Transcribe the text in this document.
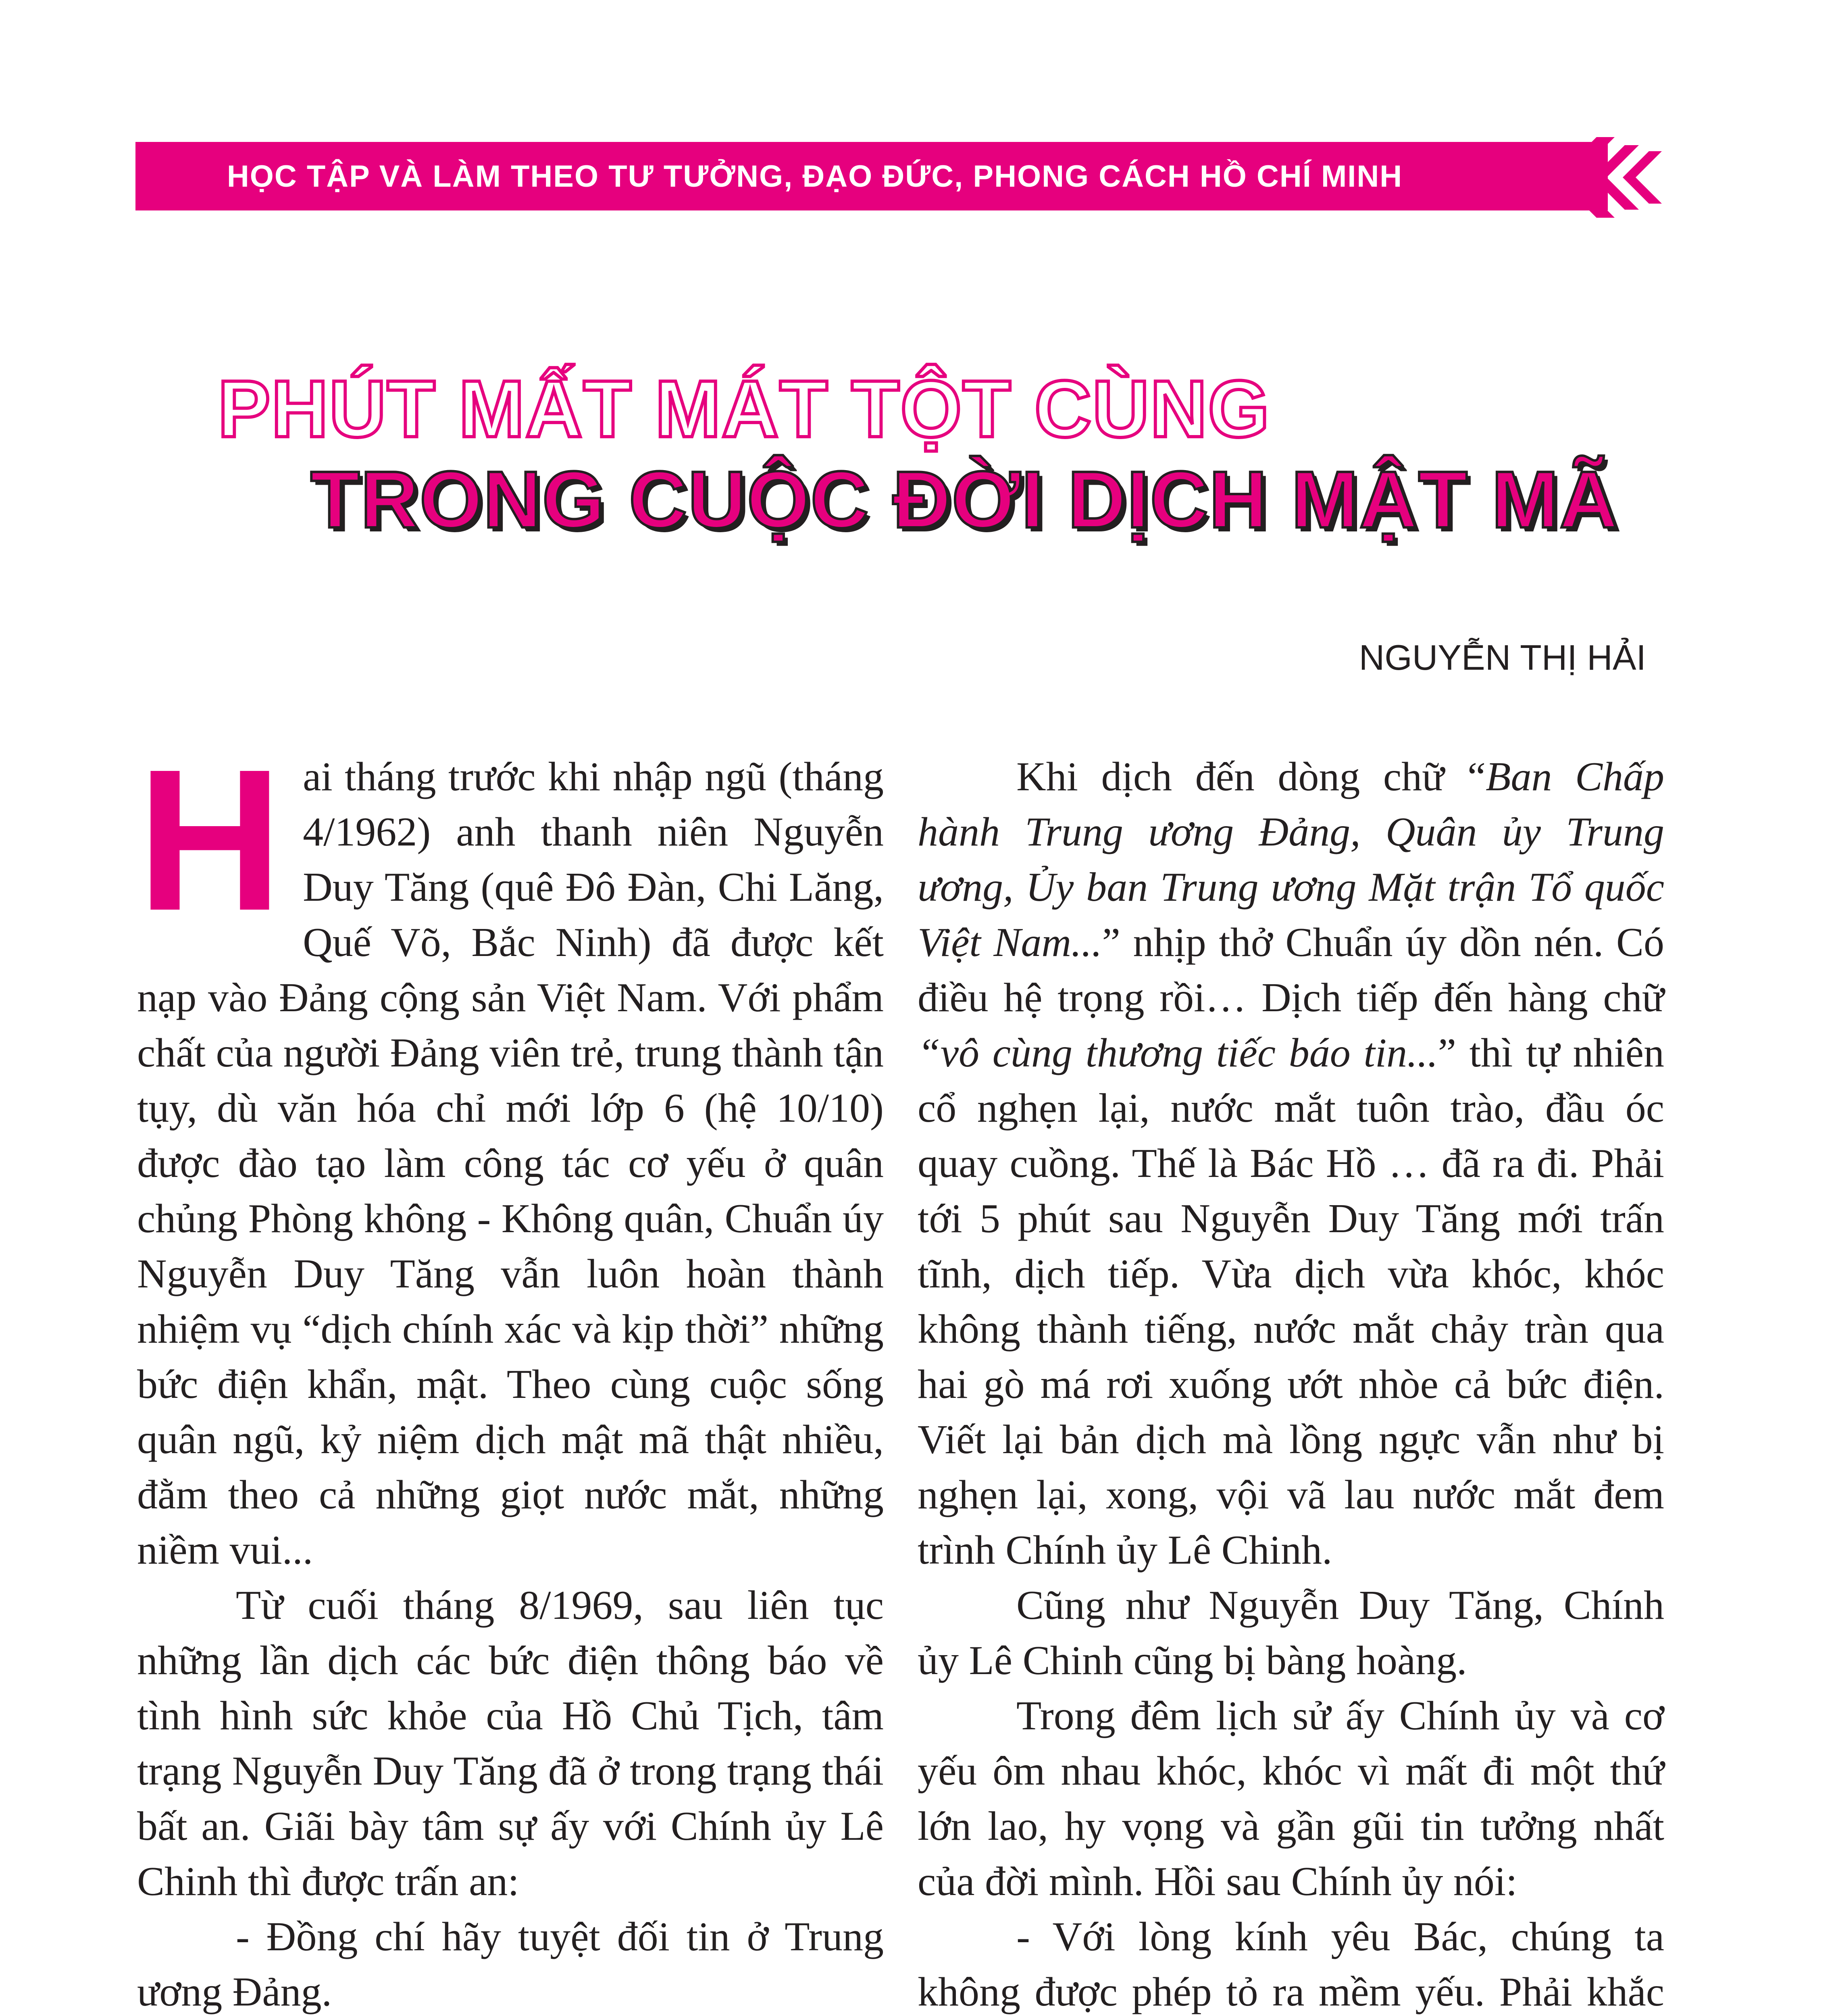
HỌC TẬP VÀ LÀM THEO TƯ TƯỞNG, ĐẠO ĐỨC, PHONG CÁCH HỒ CHÍ MINH
PHÚT MẤT MÁT TỘT CÙNG
TRONG CUỘC ĐỜI DỊCH MẬT MÃ
NGUYỄN THỊ HẢI

Hai tháng trước khi nhập ngũ (tháng 4/1962) anh thanh niên Nguyễn Duy Tăng (quê Đô Đàn, Chi Lăng, Quế Võ, Bắc Ninh) đã được kết nạp vào Đảng cộng sản Việt Nam. Với phẩm chất của người Đảng viên trẻ, trung thành tận tụy, dù văn hóa chỉ mới lớp 6 (hệ 10/10) được đào tạo làm công tác cơ yếu ở quân chủng Phòng không - Không quân, Chuẩn úy Nguyễn Duy Tăng vẫn luôn hoàn thành nhiệm vụ “dịch chính xác và kịp thời” những bức điện khẩn, mật. Theo cùng cuộc sống quân ngũ, kỷ niệm dịch mật mã thật nhiều, đằm theo cả những giọt nước mắt, những niềm vui...

Từ cuối tháng 8/1969, sau liên tục những lần dịch các bức điện thông báo về tình hình sức khỏe của Hồ Chủ Tịch, tâm trạng Nguyễn Duy Tăng đã ở trong trạng thái bất an. Giãi bày tâm sự ấy với Chính ủy Lê Chinh thì được trấn an:

- Đồng chí hãy tuyệt đối tin ở Trung ương Đảng.

Khi dịch đến dòng chữ “Ban Chấp hành Trung ương Đảng, Quân ủy Trung ương, Ủy ban Trung ương Mặt trận Tổ quốc Việt Nam...” nhịp thở Chuẩn úy dồn nén. Có điều hệ trọng rồi… Dịch tiếp đến hàng chữ “vô cùng thương tiếc báo tin...” thì tự nhiên cổ nghẹn lại, nước mắt tuôn trào, đầu óc quay cuồng. Thế là Bác Hồ … đã ra đi. Phải tới 5 phút sau Nguyễn Duy Tăng mới trấn tĩnh, dịch tiếp. Vừa dịch vừa khóc, khóc không thành tiếng, nước mắt chảy tràn qua hai gò má rơi xuống ướt nhòe cả bức điện. Viết lại bản dịch mà lồng ngực vẫn như bị nghẹn lại, xong, vội vã lau nước mắt đem trình Chính ủy Lê Chinh.

Cũng như Nguyễn Duy Tăng, Chính ủy Lê Chinh cũng bị bàng hoàng.

Trong đêm lịch sử ấy Chính ủy và cơ yếu ôm nhau khóc, khóc vì mất đi một thứ lớn lao, hy vọng và gần gũi tin tưởng nhất của đời mình. Hồi sau Chính ủy nói:

- Với lòng kính yêu Bác, chúng ta không được phép tỏ ra mềm yếu. Phải khắc
